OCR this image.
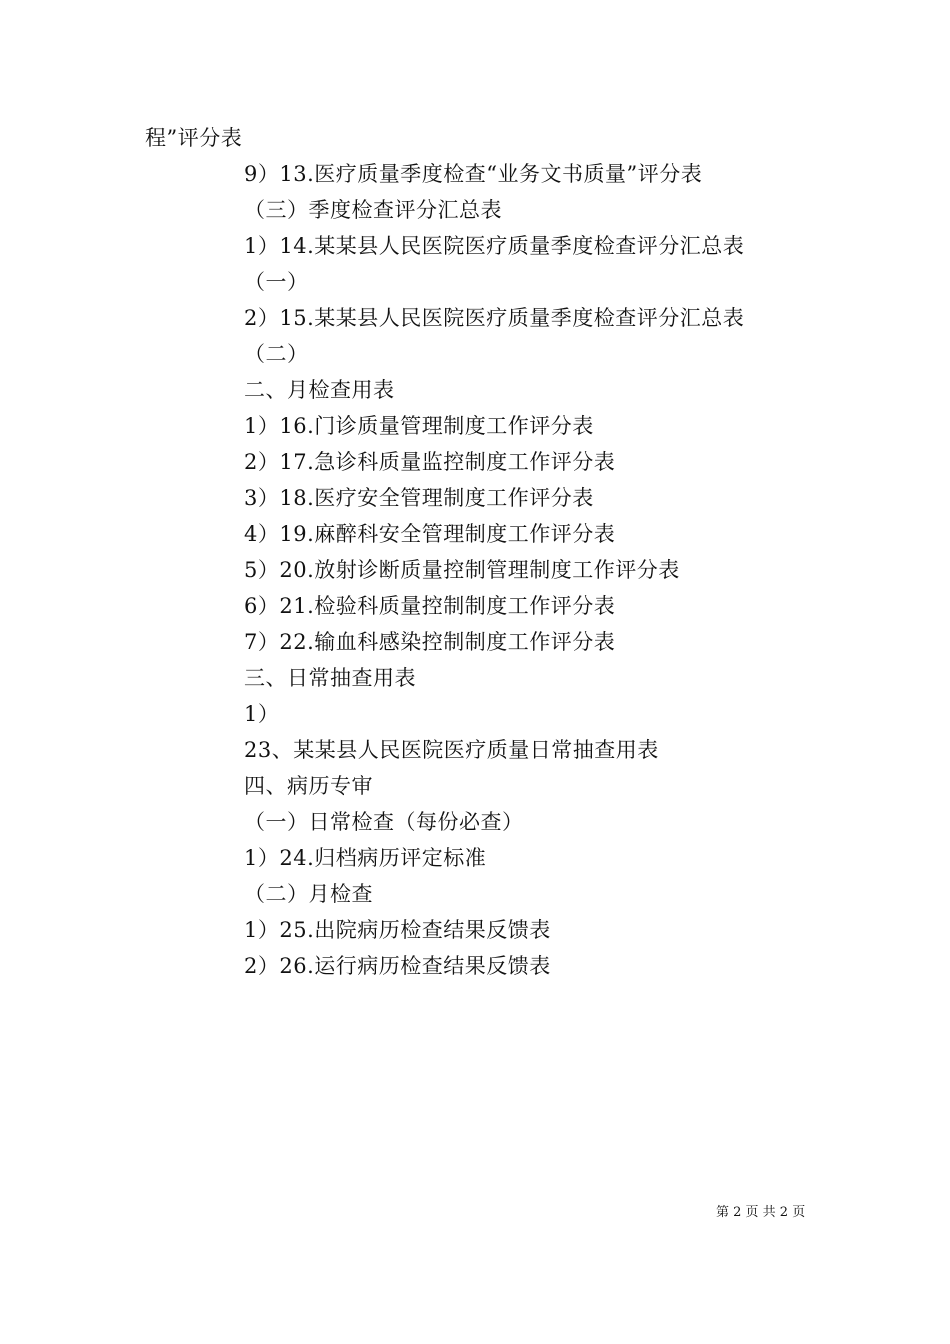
程”评分表
9）13.医疗质量季度检查“业务文书质量”评分表
（三）季度检查评分汇总表
1）14.某某县人民医院医疗质量季度检查评分汇总表
（一）
2）15.某某县人民医院医疗质量季度检查评分汇总表
（二）
二、月检查用表
1）16.门诊质量管理制度工作评分表
2）17.急诊科质量监控制度工作评分表
3）18.医疗安全管理制度工作评分表
4）19.麻醉科安全管理制度工作评分表
5）20.放射诊断质量控制管理制度工作评分表
6）21.检验科质量控制制度工作评分表
7）22.输血科感染控制制度工作评分表
三、日常抽查用表
1）
23、某某县人民医院医疗质量日常抽查用表
四、病历专审
（一）日常检查（每份必查）
1）24.归档病历评定标准
（二）月检查
1）25.出院病历检查结果反馈表
2）26.运行病历检查结果反馈表
第 2 页 共 2 页
